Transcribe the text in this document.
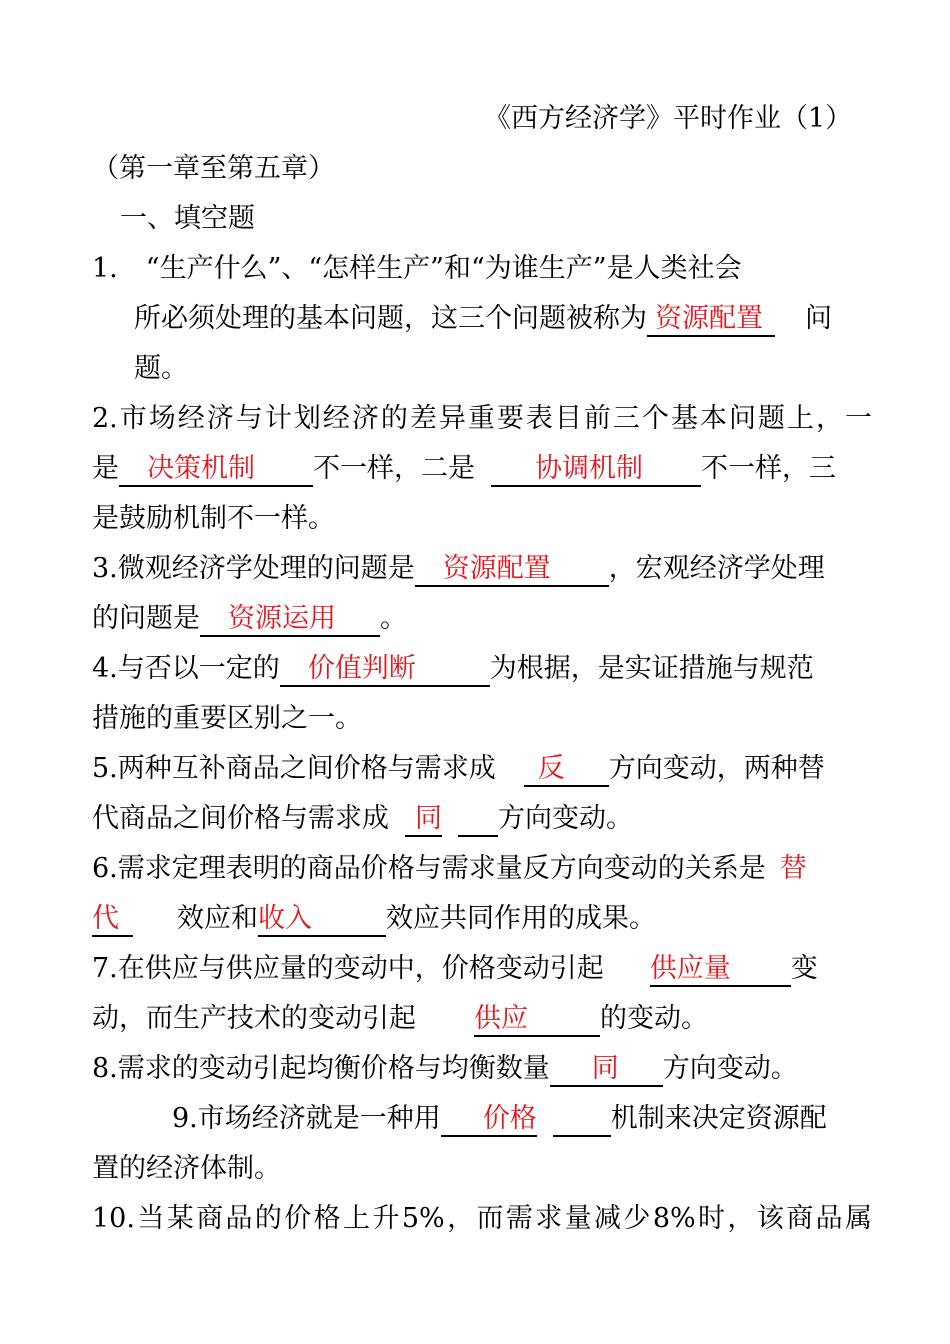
《西方经济学》平时作业（1）
（第一章至第五章）
一、填空题
1. “生产什么”、“怎样生产”和“为谁生产”是人类社会
所必须处理的基本问题，这三个问题被称为 资源配置 问
题。
2.市场经济与计划经济的差异重要表目前三个基本问题上，一
是 决策机制 不一样，二是 协调机制 不一样，三
是鼓励机制不一样。
3.微观经济学处理的问题是 资源配置 ，宏观经济学处理
的问题是 资源运用 。
4.与否以一定的 价值判断	为根据，是实证措施与规范
措施的重要区别之一。
5.两种互补商品之间价格与需求成 反 方向变动，两种替
代商品之间价格与需求成 同 方向变动。
6.需求定理表明的商品价格与需求量反方向变动的关系是 替
代 效应和收入	效应共同作用的成果。
7.在供应与供应量的变动中，价格变动引起 供应量 变
动，而生产技术的变动引起 供应	的变动。
8.需求的变动引起均衡价格与均衡数量 同 方向变动。
9.市场经济就是一种用 价格	机制来决定资源配
置的经济体制。
10.当某商品的价格上升5%，而需求量减少8%时，该商品属
